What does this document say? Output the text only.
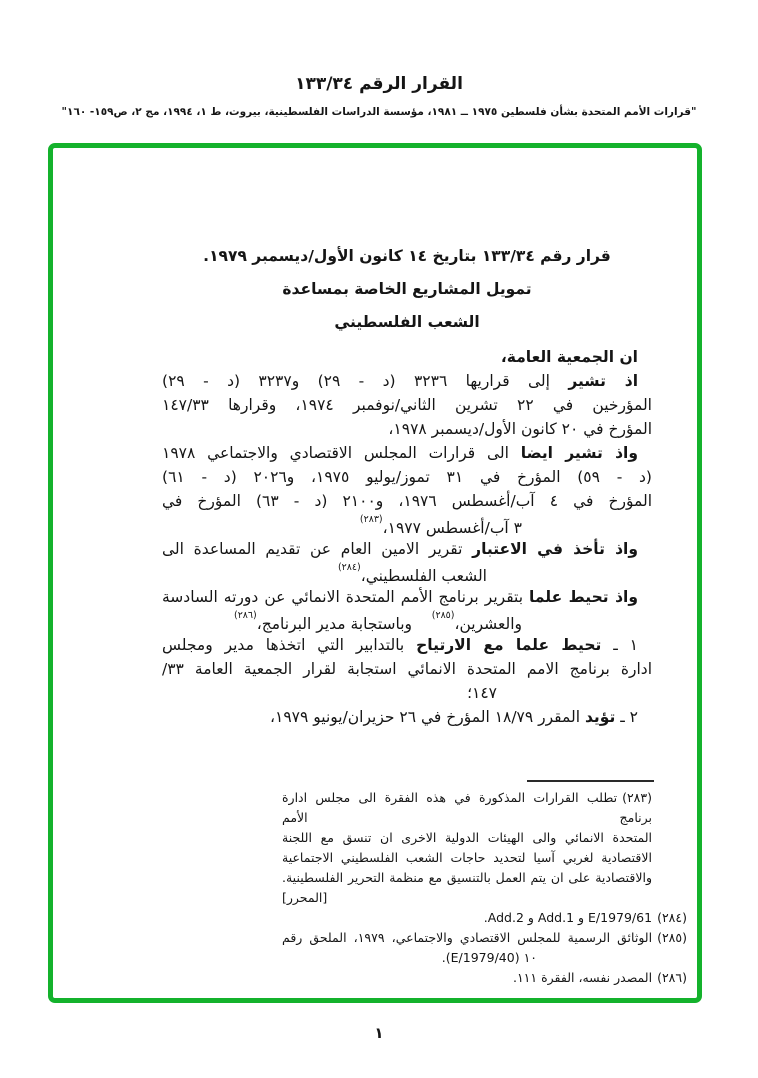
القرار الرقم ١٣٣/٣٤
"قرارات الأمم المتحدة بشأن فلسطين ١٩٧٥ ــ ١٩٨١، مؤسسة الدراسات الفلسطينية، بيروت، ط ١، ١٩٩٤، مج ٢، ص١٥٩- ١٦٠"
قرار رقم ١٣٣/٣٤ بتاريخ ١٤ كانون الأول/ديسمبر ١٩٧٩.
تمويل المشاريع الخاصة بمساعدة
الشعب الفلسطيني
ان الجمعية العامة،
اذ تشير إلى قراريها ٣٢٣٦ (د - ٢٩) و٣٢٣٧ (د - ٢٩)
المؤرخين في ٢٢ تشرين الثاني/نوفمبر ١٩٧٤، وقرارها ١٤٧/٣٣
المؤرخ في ٢٠ كانون الأول/ديسمبر ١٩٧٨،
واذ تشير ايضا الى قرارات المجلس الاقتصادي والاجتماعي ١٩٧٨
(د - ٥٩) المؤرخ في ٣١ تموز/يوليو ١٩٧٥، و٢٠٢٦ (د - ٦١)
المؤرخ في ٤ آب/أغسطس ١٩٧٦، و٢١٠٠ (د - ٦٣) المؤرخ في
٣ آب/أغسطس ١٩٧٧،$^{(٢٨٣)}$
واذ تأخذ في الاعتبار تقرير الامين العام عن تقديم المساعدة الى
الشعب الفلسطيني،$^{(٢٨٤)}$
واذ تحيط علما بتقرير برنامج الأمم المتحدة الانمائي عن دورته السادسة
والعشرين،$^{(٢٨٥)}$    وباستجابة مدير البرنامج،$^{(٢٨٦)}$
١ ـ تحيط علما مع الارتياح بالتدابير التي اتخذها مدير ومجلس
ادارة برنامج الامم المتحدة الانمائي استجابة لقرار الجمعية العامة ٣٣/
١٤٧؛
٢ ـ تؤيد المقرر ١٨/٧٩ المؤرخ في ٢٦ حزيران/يونيو ١٩٧٩،
(٢٨٣)تطلب القرارات المذكورة في هذه الفقرة الى مجلس ادارة برنامج الأمم
المتحدة الانمائي والى الهيئات الدولية الاخرى ان تنسق مع اللجنة
الاقتصادية لغربي آسيا لتحديد حاجات الشعب الفلسطيني الاجتماعية
والاقتصادية على ان يتم العمل بالتنسيق مع منظمة التحرير الفلسطينية.
[المحرر]
(٢٨٤)E/1979/61 و Add.1 و Add.2.
(٢٨٥)الوثائق الرسمية للمجلس الاقتصادي والاجتماعي، ١٩٧٩، الملحق رقم
١٠ (E/1979/40).
(٢٨٦)المصدر نفسه، الفقرة ١١١.
١
